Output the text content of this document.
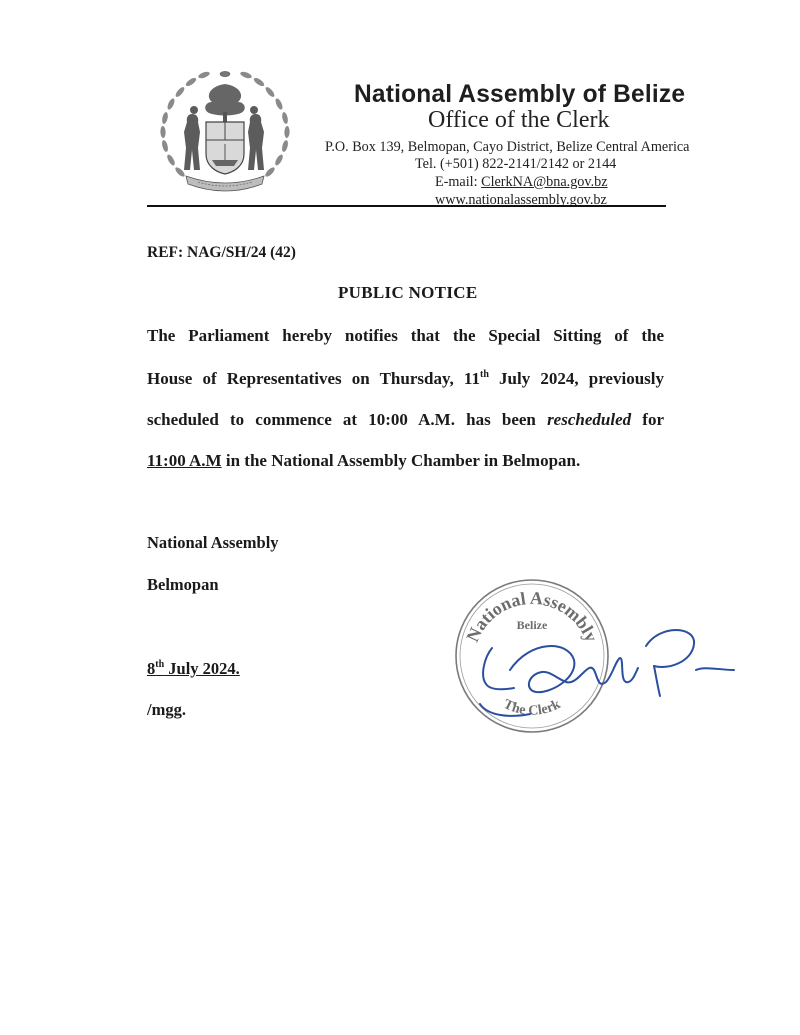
National Assembly of Belize
Office of the Clerk
P.O. Box 139, Belmopan, Cayo District, Belize Central America
Tel. (+501) 822-2141/2142 or 2144
E-mail: ClerkNA@bna.gov.bz
www.nationalassembly.gov.bz
REF: NAG/SH/24 (42)
PUBLIC NOTICE
The Parliament hereby notifies that the Special Sitting of the
House of Representatives on Thursday, 11th July 2024, previously
scheduled to commence at 10:00 A.M. has been rescheduled for
11:00 A.M in the National Assembly Chamber in Belmopan.
National Assembly
Belmopan
8th July 2024.
/mgg.
National Assembly
Belize
The Clerk
